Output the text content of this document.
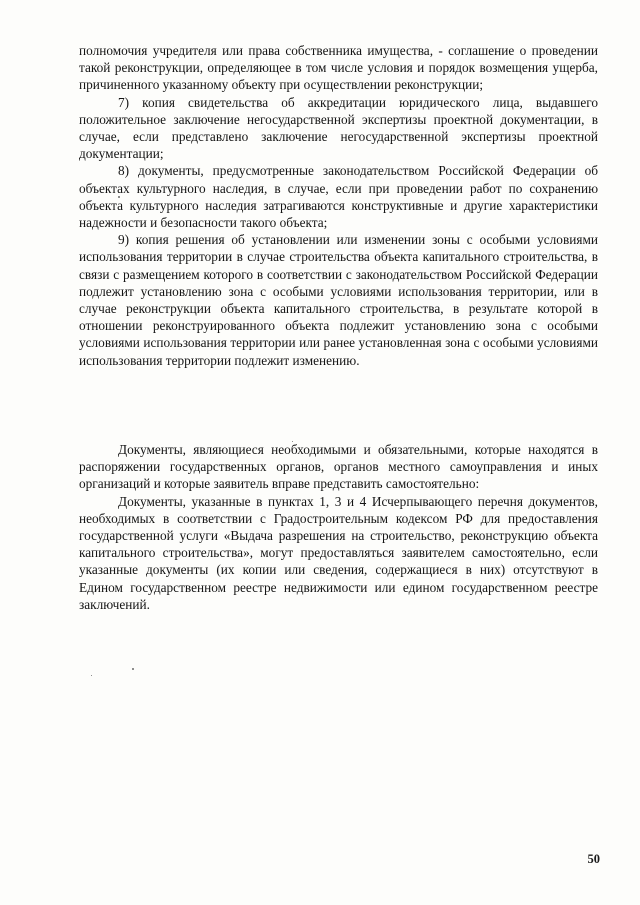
полномочия учредителя или права собственника имущества, - соглашение о проведении такой реконструкции, определяющее в том числе условия и порядок возмещения ущерба, причиненного указанному объекту при осуществлении реконструкции;

7) копия свидетельства об аккредитации юридического лица, выдавшего положительное заключение негосударственной экспертизы проектной документации, в случае, если представлено заключение негосударственной экспертизы проектной документации;

8) документы, предусмотренные законодательством Российской Федерации об объектах культурного наследия, в случае, если при проведении работ по сохранению объекта культурного наследия затрагиваются конструктивные и другие характеристики надежности и безопасности такого объекта;

9) копия решения об установлении или изменении зоны с особыми условиями использования территории в случае строительства объекта капитального строительства, в связи с размещением которого в соответствии с законодательством Российской Федерации подлежит установлению зона с особыми условиями использования территории, или в случае реконструкции объекта капитального строительства, в результате которой в отношении реконструированного объекта подлежит установлению зона с особыми условиями использования территории или ранее установленная зона с особыми условиями использования территории подлежит изменению.

Документы, являющиеся необходимыми и обязательными, которые находятся в распоряжении государственных органов, органов местного самоуправления и иных организаций и которые заявитель вправе представить самостоятельно:

Документы, указанные в пунктах 1, 3 и 4 Исчерпывающего перечня документов, необходимых в соответствии с Градостроительным кодексом РФ для предоставления государственной услуги «Выдача разрешения на строительство, реконструкцию объекта капитального строительства», могут предоставляться заявителем самостоятельно, если указанные документы (их копии или сведения, содержащиеся в них) отсутствуют в Едином государственном реестре недвижимости или едином государственном реестре заключений.

50
